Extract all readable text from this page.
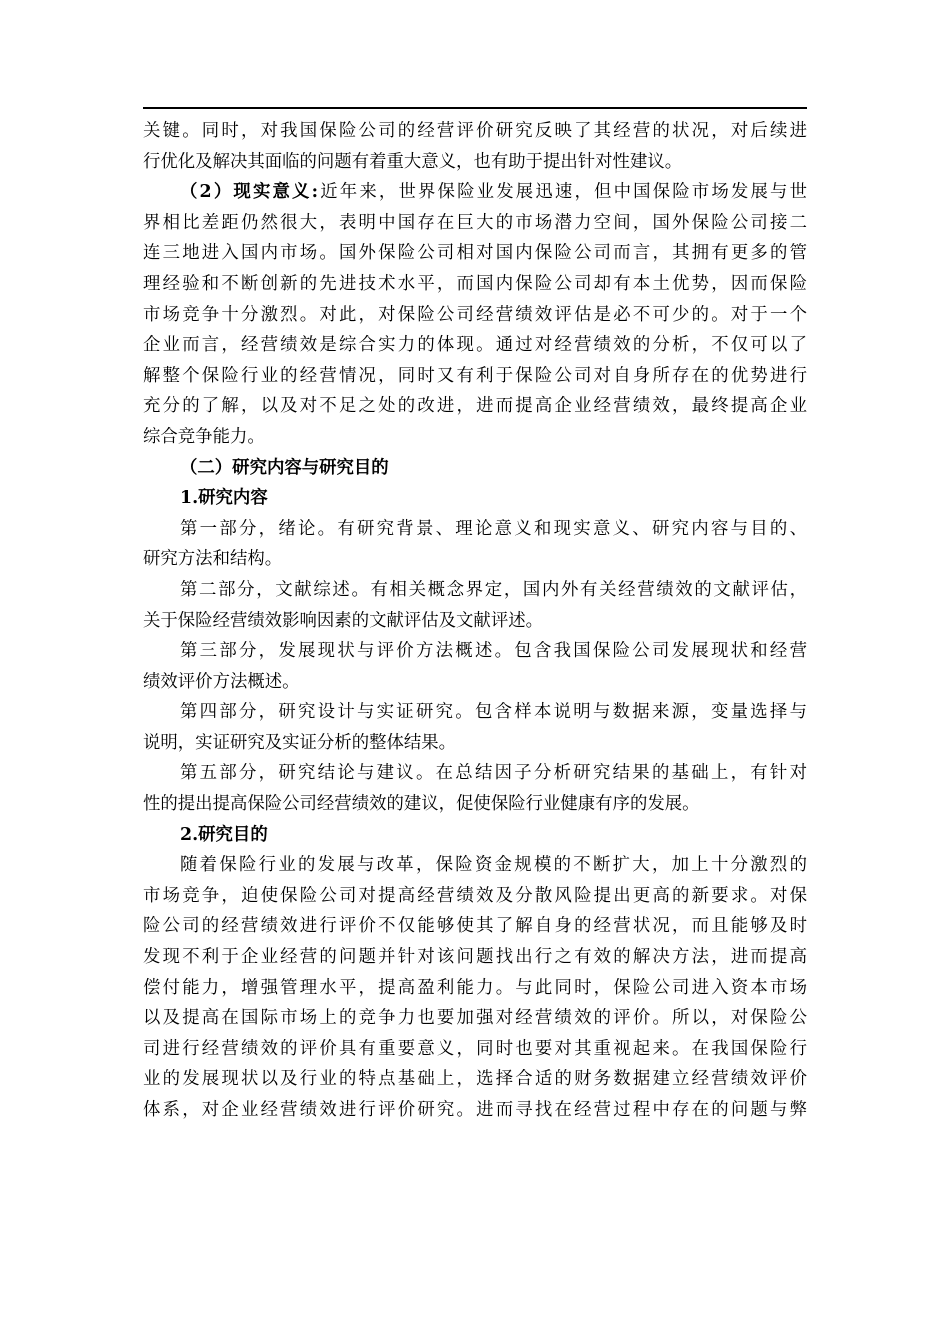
关键。同时，对我国保险公司的经营评价研究反映了其经营的状况，对后续进
行优化及解决其面临的问题有着重大意义，也有助于提出针对性建议。
（2）现实意义:近年来，世界保险业发展迅速，但中国保险市场发展与世
界相比差距仍然很大，表明中国存在巨大的市场潜力空间，国外保险公司接二
连三地进入国内市场。国外保险公司相对国内保险公司而言，其拥有更多的管
理经验和不断创新的先进技术水平，而国内保险公司却有本土优势，因而保险
市场竞争十分激烈。对此，对保险公司经营绩效评估是必不可少的。对于一个
企业而言，经营绩效是综合实力的体现。通过对经营绩效的分析，不仅可以了
解整个保险行业的经营情况，同时又有利于保险公司对自身所存在的优势进行
充分的了解，以及对不足之处的改进，进而提高企业经营绩效，最终提高企业
综合竞争能力。
（二）研究内容与研究目的
1.研究内容
第一部分，绪论。有研究背景、理论意义和现实意义、研究内容与目的、
研究方法和结构。
第二部分，文献综述。有相关概念界定，国内外有关经营绩效的文献评估，
关于保险经营绩效影响因素的文献评估及文献评述。
第三部分，发展现状与评价方法概述。包含我国保险公司发展现状和经营
绩效评价方法概述。
第四部分，研究设计与实证研究。包含样本说明与数据来源，变量选择与
说明，实证研究及实证分析的整体结果。
第五部分，研究结论与建议。在总结因子分析研究结果的基础上，有针对
性的提出提高保险公司经营绩效的建议，促使保险行业健康有序的发展。
2.研究目的
随着保险行业的发展与改革，保险资金规模的不断扩大，加上十分激烈的
市场竞争，迫使保险公司对提高经营绩效及分散风险提出更高的新要求。对保
险公司的经营绩效进行评价不仅能够使其了解自身的经营状况，而且能够及时
发现不利于企业经营的问题并针对该问题找出行之有效的解决方法，进而提高
偿付能力，增强管理水平，提高盈利能力。与此同时，保险公司进入资本市场
以及提高在国际市场上的竞争力也要加强对经营绩效的评价。所以，对保险公
司进行经营绩效的评价具有重要意义，同时也要对其重视起来。在我国保险行
业的发展现状以及行业的特点基础上，选择合适的财务数据建立经营绩效评价
体系，对企业经营绩效进行评价研究。进而寻找在经营过程中存在的问题与弊
